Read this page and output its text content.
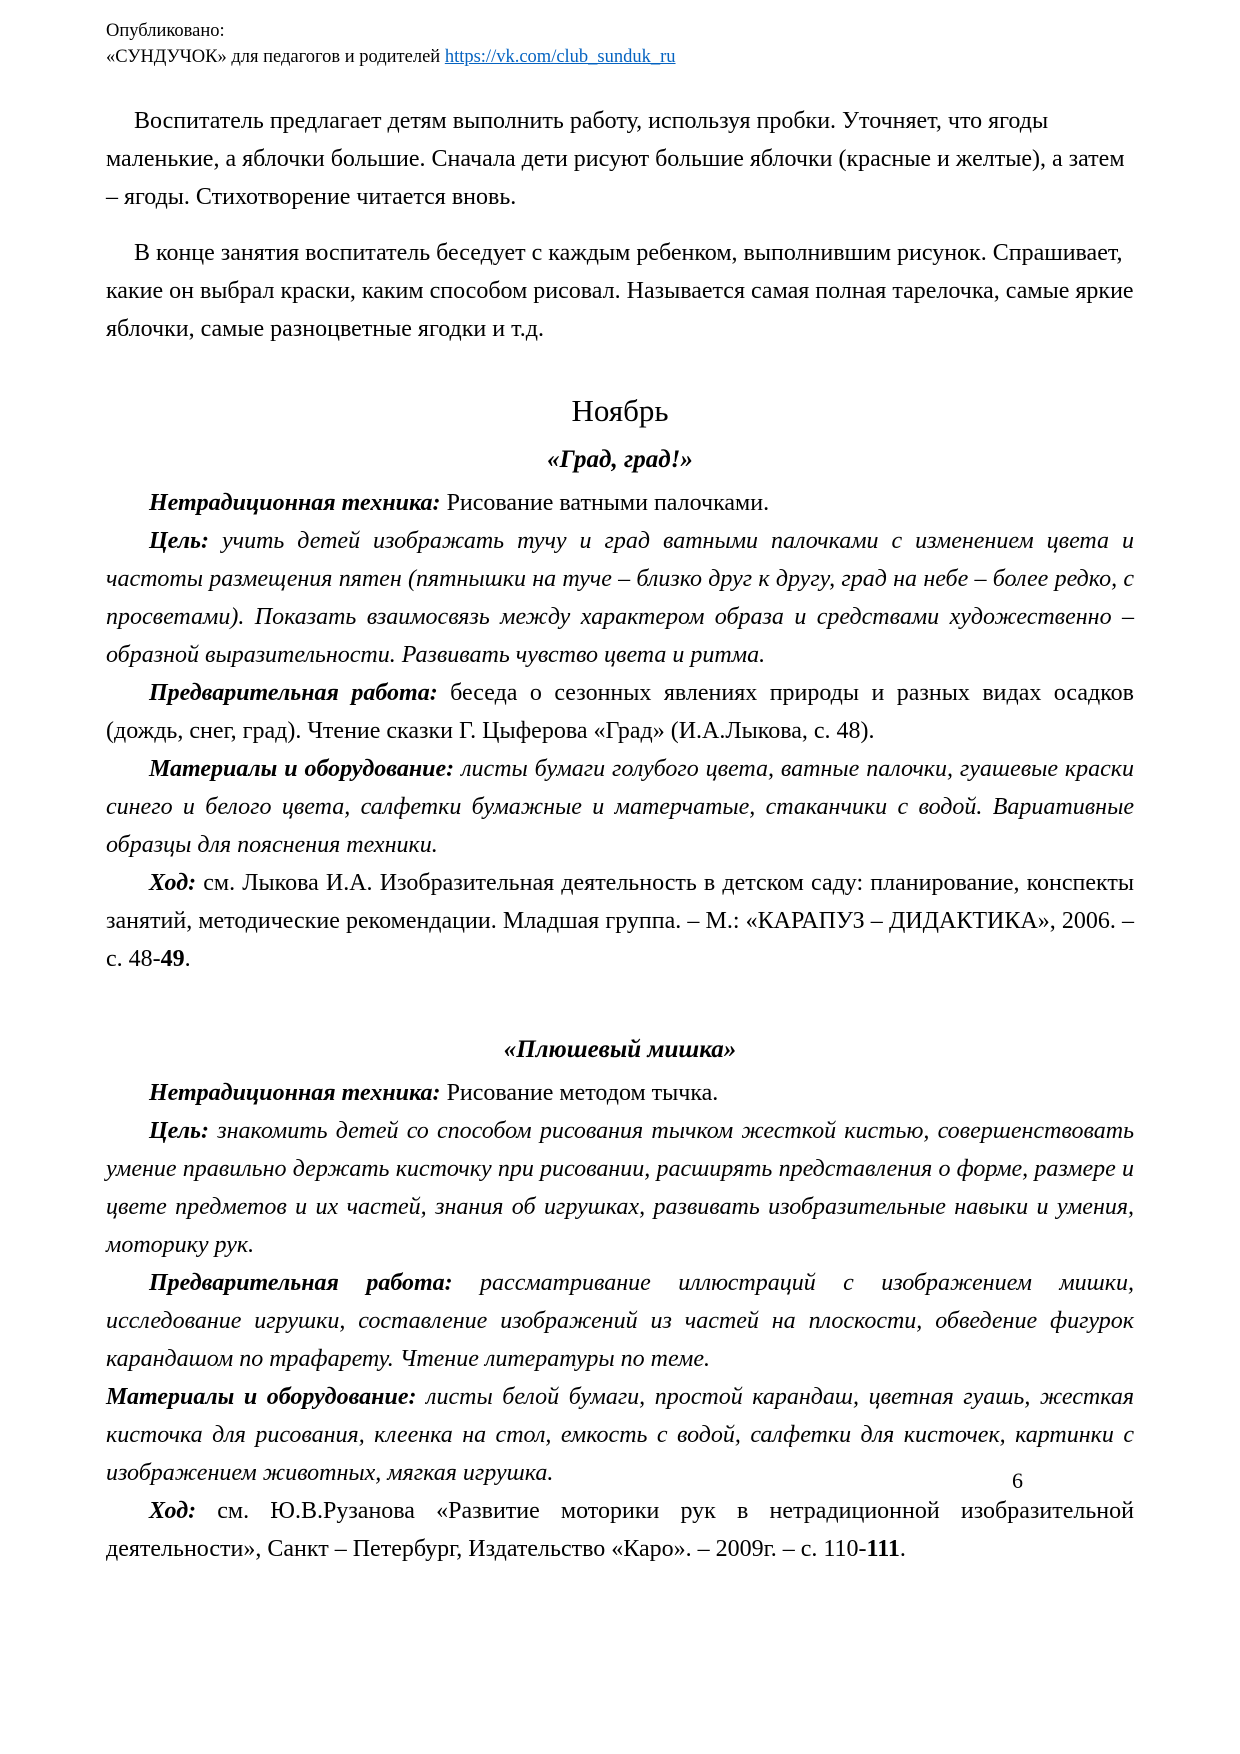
Опубликовано:
«СУНДУЧОК» для педагогов и родителей https://vk.com/club_sunduk_ru

Воспитатель предлагает детям выполнить работу, используя пробки. Уточняет, что ягоды маленькие, а яблочки большие. Сначала дети рисуют большие яблочки (красные и желтые), а затем – ягоды. Стихотворение читается вновь.

В конце занятия воспитатель беседует с каждым ребенком, выполнившим рисунок. Спрашивает, какие он выбрал краски, каким способом рисовал. Называется самая полная тарелочка, самые яркие яблочки, самые разноцветные ягодки и т.д.

Ноябрь
«Град, град!»

Нетрадиционная техника: Рисование ватными палочками.

Цель: учить детей изображать тучу и град ватными палочками с изменением цвета и частоты размещения пятен (пятнышки на туче – близко друг к другу, град на небе – более редко, с просветами). Показать взаимосвязь между характером образа и средствами художественно – образной выразительности. Развивать чувство цвета и ритма.

Предварительная работа: беседа о сезонных явлениях природы и разных видах осадков (дождь, снег, град). Чтение сказки Г. Цыферова «Град» (И.А.Лыкова, с. 48).

Материалы и оборудование: листы бумаги голубого цвета, ватные палочки, гуашевые краски синего и белого цвета, салфетки бумажные и матерчатые, стаканчики с водой. Вариативные образцы для пояснения техники.

Ход: см. Лыкова И.А. Изобразительная деятельность в детском саду: планирование, конспекты занятий, методические рекомендации. Младшая группа. – М.: «КАРАПУЗ – ДИДАКТИКА», 2006. – с. 48-49.

«Плюшевый мишка»

Нетрадиционная техника: Рисование методом тычка.

Цель: знакомить детей со способом рисования тычком жесткой кистью, совершенствовать умение правильно держать кисточку при рисовании, расширять представления о форме, размере и цвете предметов и их частей, знания об игрушках, развивать изобразительные навыки и умения, моторику рук.

Предварительная работа: рассматривание иллюстраций с изображением мишки, исследование игрушки, составление изображений из частей на плоскости, обведение фигурок карандашом по трафарету. Чтение литературы по теме.

Материалы и оборудование: листы белой бумаги, простой карандаш, цветная гуашь, жесткая кисточка для рисования, клеенка на стол, емкость с водой, салфетки для кисточек, картинки с изображением животных, мягкая игрушка.

Ход: см. Ю.В.Рузанова «Развитие моторики рук в нетрадиционной изобразительной деятельности», Санкт – Петербург, Издательство «Каро». – 2009г. – с. 110-111.

6
